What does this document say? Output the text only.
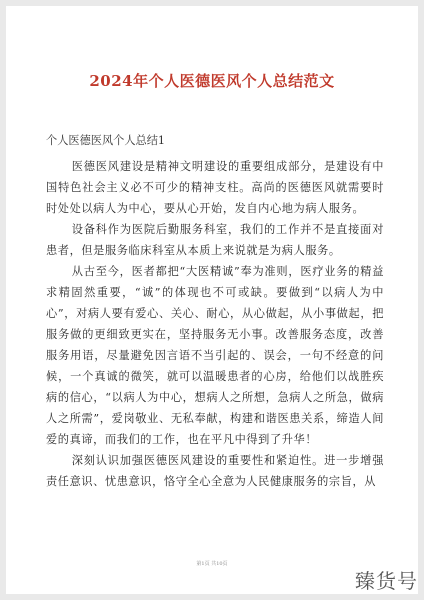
2024年个人医德医风个人总结范文
个人医德医风个人总结1

医德医风建设是精神文明建设的重要组成部分，是建设有中国特色社会主义必不可少的精神支柱。高尚的医德医风就需要时时处处以病人为中心，要从心开始，发自内心地为病人服务。

设备科作为医院后勤服务科室，我们的工作并不是直接面对患者，但是服务临床科室从本质上来说就是为病人服务。

从古至今，医者都把“大医精诚”奉为准则，医疗业务的精益求精固然重要，“诚”的体现也不可或缺。要做到“以病人为中心”，对病人要有爱心、关心、耐心，从心做起，从小事做起，把服务做的更细致更实在，坚持服务无小事。改善服务态度，改善服务用语，尽量避免因言语不当引起的、误会，一句不经意的问候，一个真诚的微笑，就可以温暖患者的心房，给他们以战胜疾病的信心，“以病人为中心，想病人之所想，急病人之所急，做病人之所需”，爱岗敬业、无私奉献，构建和谐医患关系，缔造人间爱的真谛，而我们的工作，也在平凡中得到了升华！

深刻认识加强医德医风建设的重要性和紧迫性。进一步增强责任意识、忧患意识，恪守全心全意为人民健康服务的宗旨，从

第1页 共10页
臻货号
